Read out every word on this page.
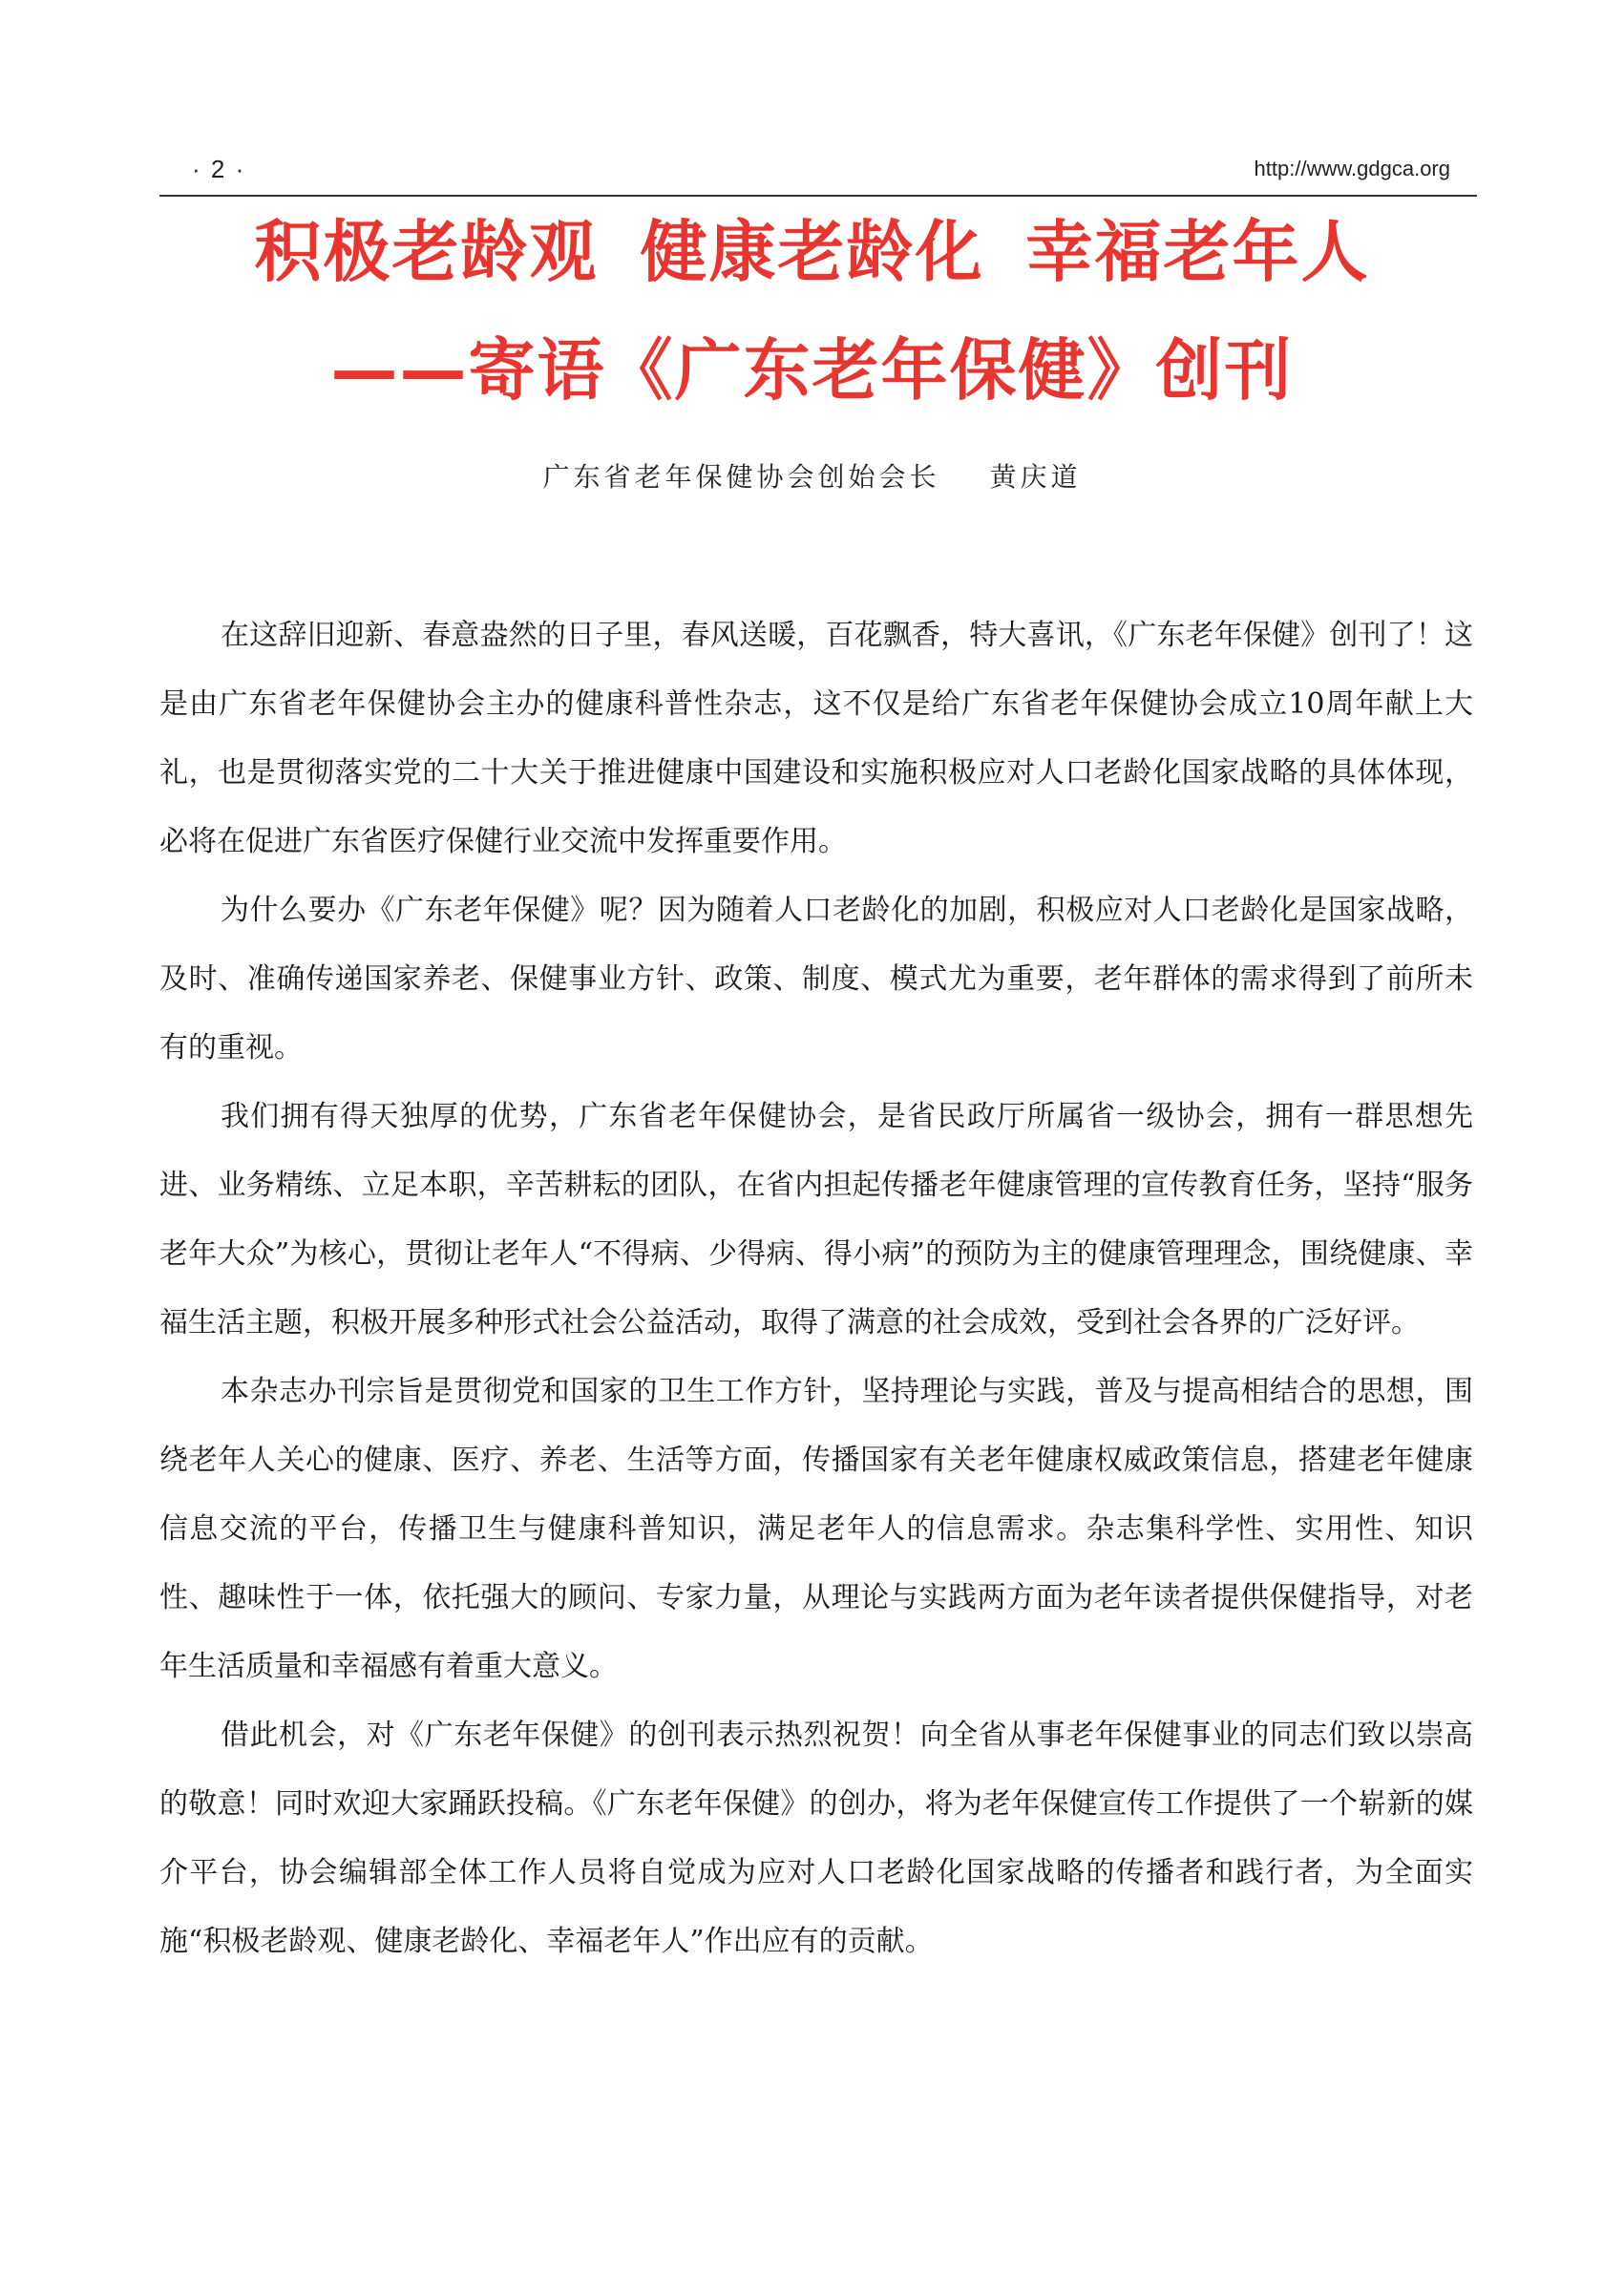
· 2 ·	http://www.gdgca.org
积极老龄观 健康老龄化 幸福老年人
——寄语《广东老年保健》创刊
广东省老年保健协会创始会长 黄庆道

在这辞旧迎新、春意盎然的日子里，春风送暖，百花飘香，特大喜讯，《广东老年保健》创刊了！这是由广东省老年保健协会主办的健康科普性杂志，这不仅是给广东省老年保健协会成立10周年献上大礼，也是贯彻落实党的二十大关于推进健康中国建设和实施积极应对人口老龄化国家战略的具体体现，必将在促进广东省医疗保健行业交流中发挥重要作用。

为什么要办《广东老年保健》呢？因为随着人口老龄化的加剧，积极应对人口老龄化是国家战略，及时、准确传递国家养老、保健事业方针、政策、制度、模式尤为重要，老年群体的需求得到了前所未有的重视。

我们拥有得天独厚的优势，广东省老年保健协会，是省民政厅所属省一级协会，拥有一群思想先进、业务精练、立足本职，辛苦耕耘的团队，在省内担起传播老年健康管理的宣传教育任务，坚持“服务老年大众”为核心，贯彻让老年人“不得病、少得病、得小病”的预防为主的健康管理理念，围绕健康、幸福生活主题，积极开展多种形式社会公益活动，取得了满意的社会成效，受到社会各界的广泛好评。

本杂志办刊宗旨是贯彻党和国家的卫生工作方针，坚持理论与实践，普及与提高相结合的思想，围绕老年人关心的健康、医疗、养老、生活等方面，传播国家有关老年健康权威政策信息，搭建老年健康信息交流的平台，传播卫生与健康科普知识，满足老年人的信息需求。杂志集科学性、实用性、知识性、趣味性于一体，依托强大的顾问、专家力量，从理论与实践两方面为老年读者提供保健指导，对老年生活质量和幸福感有着重大意义。

借此机会，对《广东老年保健》的创刊表示热烈祝贺！向全省从事老年保健事业的同志们致以崇高的敬意！同时欢迎大家踊跃投稿。《广东老年保健》的创办，将为老年保健宣传工作提供了一个崭新的媒介平台，协会编辑部全体工作人员将自觉成为应对人口老龄化国家战略的传播者和践行者，为全面实施“积极老龄观、健康老龄化、幸福老年人”作出应有的贡献。
